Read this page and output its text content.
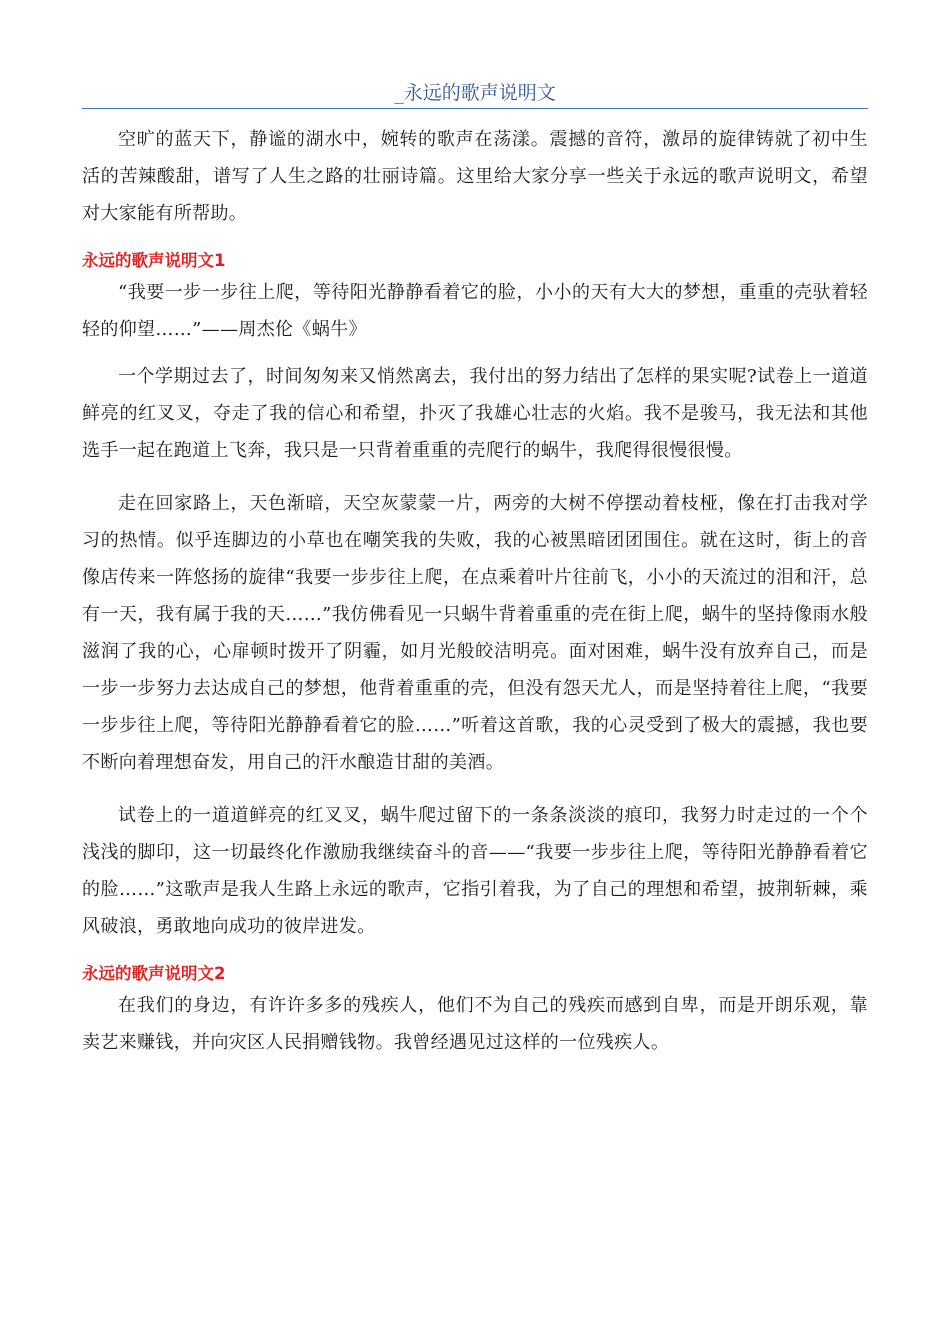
_永远的歌声说明文

空旷的蓝天下，静谧的湖水中，婉转的歌声在荡漾。震撼的音符，激昂的旋律铸就了初中生活的苦辣酸甜，谱写了人生之路的壮丽诗篇。这里给大家分享一些关于永远的歌声说明文，希望对大家能有所帮助。

永远的歌声说明文1

“我要一步一步往上爬，等待阳光静静看着它的脸，小小的天有大大的梦想，重重的壳驮着轻轻的仰望……”——周杰伦《蜗牛》

一个学期过去了，时间匆匆来又悄然离去，我付出的努力结出了怎样的果实呢?试卷上一道道鲜亮的红叉叉，夺走了我的信心和希望，扑灭了我雄心壮志的火焰。我不是骏马，我无法和其他选手一起在跑道上飞奔，我只是一只背着重重的壳爬行的蜗牛，我爬得很慢很慢。

走在回家路上，天色渐暗，天空灰蒙蒙一片，两旁的大树不停摆动着枝桠，像在打击我对学习的热情。似乎连脚边的小草也在嘲笑我的失败，我的心被黑暗团团围住。就在这时，街上的音像店传来一阵悠扬的旋律“我要一步步往上爬，在点乘着叶片往前飞，小小的天流过的泪和汗，总有一天，我有属于我的天……”我仿佛看见一只蜗牛背着重重的壳在街上爬，蜗牛的坚持像雨水般滋润了我的心，心扉顿时拨开了阴霾，如月光般皎洁明亮。面对困难，蜗牛没有放弃自己，而是一步一步努力去达成自己的梦想，他背着重重的壳，但没有怨天尤人，而是坚持着往上爬，“我要一步步往上爬，等待阳光静静看着它的脸……”听着这首歌，我的心灵受到了极大的震撼，我也要不断向着理想奋发，用自己的汗水酿造甘甜的美酒。

试卷上的一道道鲜亮的红叉叉，蜗牛爬过留下的一条条淡淡的痕印，我努力时走过的一个个浅浅的脚印，这一切最终化作激励我继续奋斗的音——“我要一步步往上爬，等待阳光静静看着它的脸……”这歌声是我人生路上永远的歌声，它指引着我，为了自己的理想和希望，披荆斩棘，乘风破浪，勇敢地向成功的彼岸进发。

永远的歌声说明文2

在我们的身边，有许许多多的残疾人，他们不为自己的残疾而感到自卑，而是开朗乐观，靠卖艺来赚钱，并向灾区人民捐赠钱物。我曾经遇见过这样的一位残疾人。
